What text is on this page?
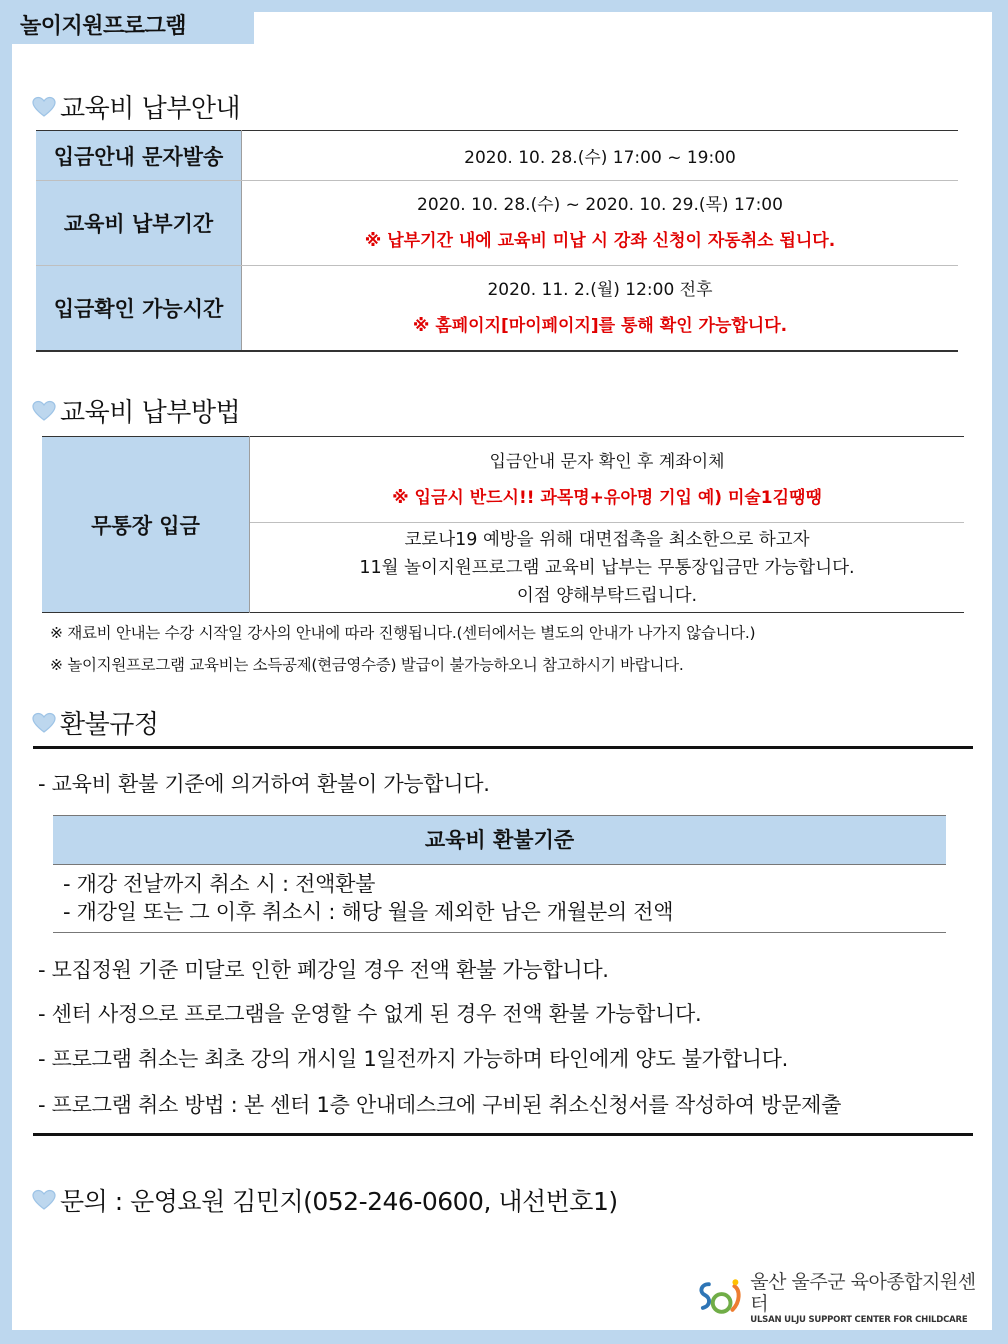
놀이지원프로그램
교육비 납부안내
입금안내 문자발송	2020. 10. 28.(수) 17:00 ~ 19:00

교육비 납부기간	2020. 10. 28.(수) ~ 2020. 10. 29.(목) 17:00
※ 납부기간 내에 교육비 미납 시 강좌 신청이 자동취소 됩니다.

입금확인 가능시간	2020. 11. 2.(월) 12:00 전후
※ 홈페이지[마이페이지]를 통해 확인 가능합니다.
교육비 납부방법
무통장 입금	
입금안내 문자 확인 후 계좌이체
※ 입금시 반드시!! 과목명+유아명 기입 예) 미술1김땡땡

코로나19 예방을 위해 대면접촉을 최소한으로 하고자
11월 놀이지원프로그램 교육비 납부는 무통장입금만 가능합니다.
이점 양해부탁드립니다.
※ 재료비 안내는 수강 시작일 강사의 안내에 따라 진행됩니다.(센터에서는 별도의 안내가 나가지 않습니다.)
※ 놀이지원프로그램 교육비는 소득공제(현금영수증) 발급이 불가능하오니 참고하시기 바랍니다.
환불규정
- 교육비 환불 기준에 의거하여 환불이 가능합니다.
교육비 환불기준
- 개강 전날까지 취소 시 : 전액환불
- 개강일 또는 그 이후 취소시 : 해당 월을 제외한 남은 개월분의 전액
- 모집정원 기준 미달로 인한 폐강일 경우 전액 환불 가능합니다.
- 센터 사정으로 프로그램을 운영할 수 없게 된 경우 전액 환불 가능합니다.
- 프로그램 취소는 최초 강의 개시일 1일전까지 가능하며 타인에게 양도 불가합니다.
- 프로그램 취소 방법 : 본 센터 1층 안내데스크에 구비된 취소신청서를 작성하여 방문제출
문의 : 운영요원 김민지(052-246-0600, 내선번호1)
울산 울주군 육아종합지원센터
ULSAN ULJU SUPPORT CENTER FOR CHILDCARE
